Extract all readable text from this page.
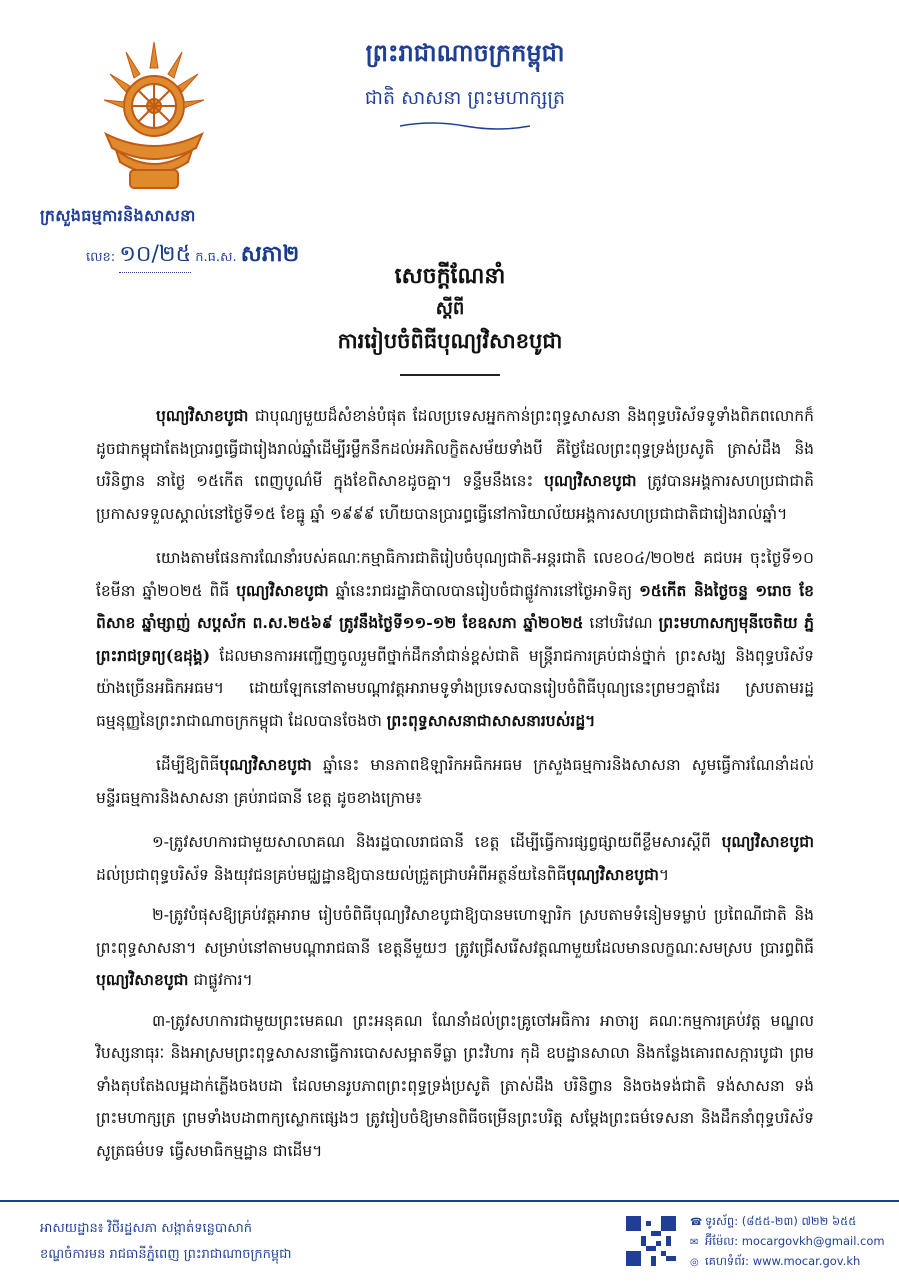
ក្រសួងធម្មការនិងសាសនា
លេខ: ១០/២៥ ក.ធ.ស. សភា២
ព្រះរាជាណាចក្រកម្ពុជា
ជាតិ សាសនា ព្រះមហាក្សត្រ
សេចក្តីណែនាំ
ស្តីពី
ការរៀបចំពិធីបុណ្យវិសាខបូជា

បុណ្យវិសាខបូជា ជាបុណ្យមួយដ៏សំខាន់បំផុត ដែលប្រទេសអ្នកកាន់ព្រះពុទ្ធសាសនា និងពុទ្ធបរិស័ទទូទាំងពិភពលោកក៏ដូចជាកម្ពុជាតែងប្រារព្ធធ្វើជារៀងរាល់ឆ្នាំដើម្បីរម្លឹកនឹកដល់អភិលក្ខិតសម័យទាំងបី គឺថ្ងៃដែលព្រះពុទ្ធទ្រង់ប្រសូតិ ត្រាស់ដឹង និងបរិនិព្វាន នាថ្ងៃ ១៥កើត ពេញបូណ៌មី ក្នុងខែពិសាខដូចគ្នា។ ទន្ទឹមនឹងនេះ បុណ្យវិសាខបូជា ត្រូវបានអង្គការសហប្រជាជាតិប្រកាសទទួលស្គាល់នៅថ្ងៃទី១៥ ខែធ្នូ ឆ្នាំ ១៩៩៩ ហើយបានប្រារព្ធធ្វើនៅការិយាល័យអង្គការសហប្រជាជាតិជារៀងរាល់ឆ្នាំ។

យោងតាមផែនការណែនាំរបស់គណៈកម្មាធិការជាតិរៀបចំបុណ្យជាតិ-អន្តរជាតិ លេខ០៤/២០២៥ គជបអ ចុះថ្ងៃទី១០ ខែមីនា ឆ្នាំ២០២៥ ពិធី បុណ្យវិសាខបូជា ឆ្នាំនេះរាជរដ្ឋាភិបាលបានរៀបចំជាផ្លូវការនៅថ្ងៃអាទិត្យ ១៥កើត និងថ្ងៃចន្ទ ១រោច ខែពិសាខ ឆ្នាំម្សាញ់ សប្តស័ក ព.ស.២៥៦៩ ត្រូវនឹងថ្ងៃទី១១-១២ ខែឧសភា ឆ្នាំ២០២៥ នៅបរិវេណ ព្រះមហាសក្យមុនីចេតិយ ភ្នំព្រះរាជទ្រព្យ(ឧដុង្គ) ដែលមានការអញ្ជើញចូលរួមពីថ្នាក់ដឹកនាំជាន់ខ្ពស់ជាតិ មន្ត្រីរាជការគ្រប់ជាន់ថ្នាក់ ព្រះសង្ឃ និងពុទ្ធបរិស័ទយ៉ាងច្រើនអធិកអធម។ ដោយឡែកនៅតាមបណ្តាវត្តអារាមទូទាំងប្រទេសបានរៀបចំពិធីបុណ្យនេះព្រមៗគ្នាដែរ ស្របតាមរដ្ឋធម្មនុញ្ញនៃព្រះរាជាណាចក្រកម្ពុជា ដែលបានចែងថា ព្រះពុទ្ធសាសនាជាសាសនារបស់រដ្ឋ។

ដើម្បីឱ្យពិធីបុណ្យវិសាខបូជា ឆ្នាំនេះ មានភាពឱឡារិកអធិកអធម ក្រសួងធម្មការនិងសាសនា សូមធ្វើការណែនាំដល់មន្ទីរធម្មការនិងសាសនា គ្រប់រាជធានី ខេត្ត ដូចខាងក្រោម៖

១-ត្រូវសហការជាមួយសាលាគណ និងរដ្ឋបាលរាជធានី ខេត្ត ដើម្បីធ្វើការផ្សព្វផ្សាយពីខ្លឹមសារស្តីពី បុណ្យវិសាខបូជា ដល់ប្រជាពុទ្ធបរិស័ទ និងយុវជនគ្រប់មជ្ឈដ្ឋានឱ្យបានយល់ជ្រួតជ្រាបអំពីអត្ថន័យនៃពិធីបុណ្យវិសាខបូជា។

២-ត្រូវបំផុសឱ្យគ្រប់វត្តអារាម រៀបចំពិធីបុណ្យវិសាខបូជាឱ្យបានមហោឡារិក ស្របតាមទំនៀមទម្លាប់ ប្រពៃណីជាតិ និងព្រះពុទ្ធសាសនា។ សម្រាប់នៅតាមបណ្តារាជធានី ខេត្តនីមួយៗ ត្រូវជ្រើសរើសវត្តណាមួយដែលមានលក្ខណៈសមស្រប ប្រារព្ធពិធី បុណ្យវិសាខបូជា ជាផ្លូវការ។

៣-ត្រូវសហការជាមួយព្រះមេគណ ព្រះអនុគណ ណែនាំដល់ព្រះគ្រូចៅអធិការ អាចារ្យ គណៈកម្មការគ្រប់វត្ត មណ្ឌលវិបស្សនាធុរៈ និងអាស្រមព្រះពុទ្ធសាសនាធ្វើការបោសសម្អាតទីធ្លា ព្រះវិហារ កុដិ ឧបដ្ឋានសាលា និងកន្លែងគោរពសក្ការបូជា ព្រមទាំងតុបតែងលម្អដាក់ភ្លើងចងបដា ដែលមានរូបភាពព្រះពុទ្ធទ្រង់ប្រសូតិ ត្រាស់ដឹង បរិនិព្វាន និងចងទង់ជាតិ ទង់សាសនា ទង់ព្រះមហាក្សត្រ ព្រមទាំងបដាពាក្យស្លោកផ្សេងៗ ត្រូវរៀបចំឱ្យមានពិធីចម្រើនព្រះបរិត្ត សម្តែងព្រះធម៌ទេសនា និងដឹកនាំពុទ្ធបរិស័ទសូត្រធម៌បទ ធ្វើសមាធិកម្មដ្ឋាន ជាដើម។

អាសយដ្ឋាន៖ វិថីរដ្ឋសភា សង្កាត់ទន្លេបាសាក់
ខណ្ឌចំការមន រាជធានីភ្នំពេញ ព្រះរាជាណាចក្រកម្ពុជា
☎ ទូរស័ព្ទ: (៨៥៥-២៣) ៧២២ ៦៥៥
✉ អ៊ីម៉ែល: mocargovkh@gmail.com
◎ គេហទំព័រ: www.mocar.gov.kh
